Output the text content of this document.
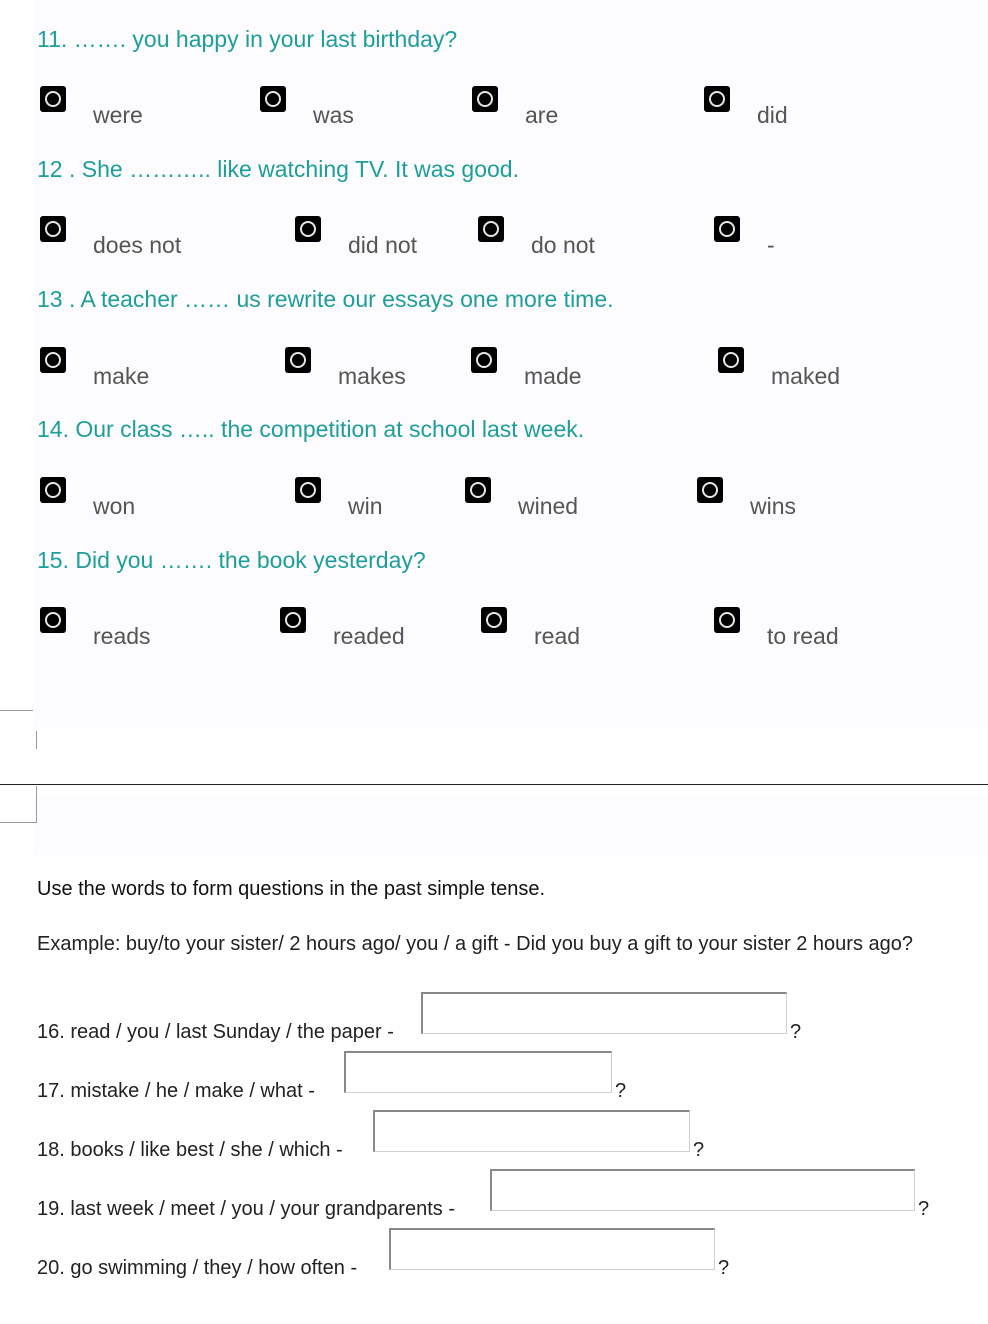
11. ……. you happy in your last birthday?
were	was	are	did
12 . She ……….. like watching TV. It was good.
does not	did not	do not	-
13 . A teacher …… us rewrite our essays one more time.
make	makes	made	maked
14. Our class ….. the competition at school last week.
won	win	wined	wins
15. Did you ……. the book yesterday?
reads	readed	read	to read
Use the words to form questions in the past simple tense.
Example: buy/to your sister/ 2 hours ago/ you / a gift - Did you buy a gift to your sister 2 hours ago?
16. read / you / last Sunday / the paper -	?
17. mistake / he / make / what -	?
18. books / like best / she / which -	?
19. last week / meet / you / your grandparents -	?
20. go swimming / they / how often -	?
